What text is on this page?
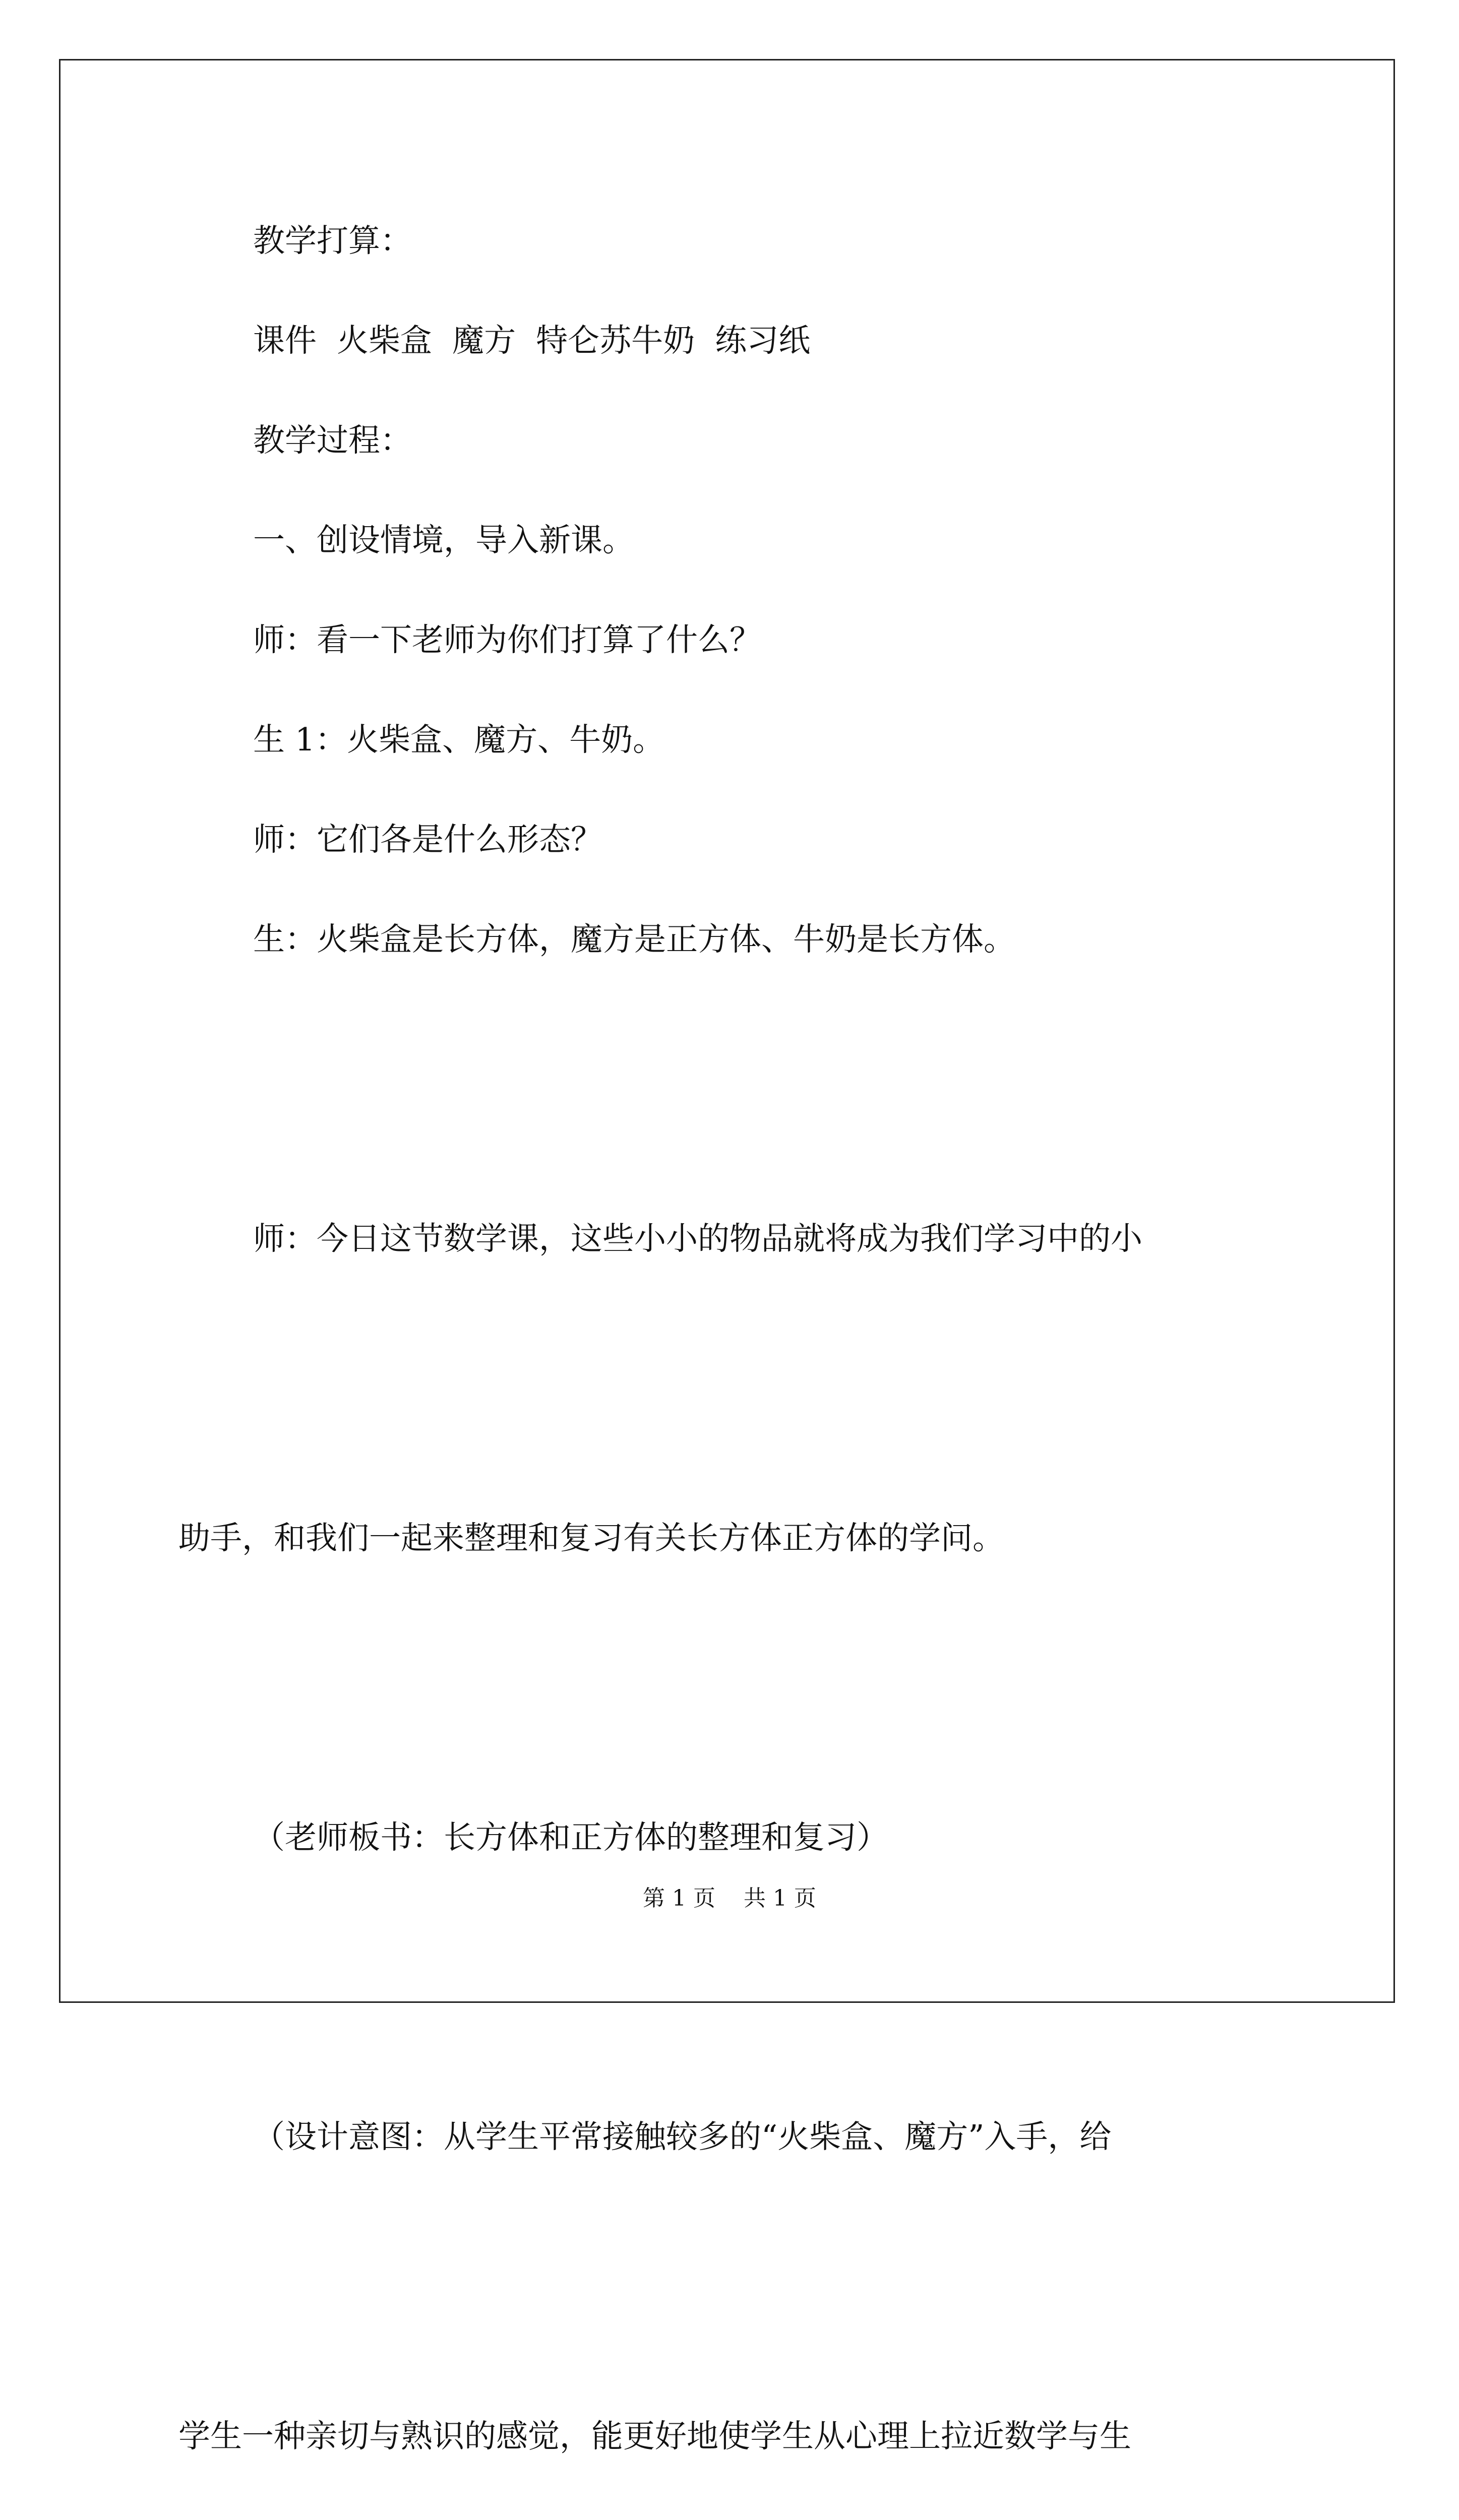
教学打算：

课件  火柴盒  魔方  特仑苏牛奶  练习纸

教学过程：

一、创设情境，导入新课。

师：看一下老师为你们打算了什么？

生 1：火柴盒、魔方、牛奶。

师：它们各是什么形态？

生：火柴盒是长方体，魔方是正方体、牛奶是长方体。

师：今日这节数学课，这些小小的物品就将成为我们学习中的小

助手，和我们一起来整理和复习有关长方体正方体的学问。

（老师板书：长方体和正方体的整理和复习）

（设计意图：从学生平常接触较多的“火柴盒、魔方”入手，给

学生一种亲切与熟识的感觉，能更好地使学生从心理上拉近数学与生

第 1 页    共 1 页
